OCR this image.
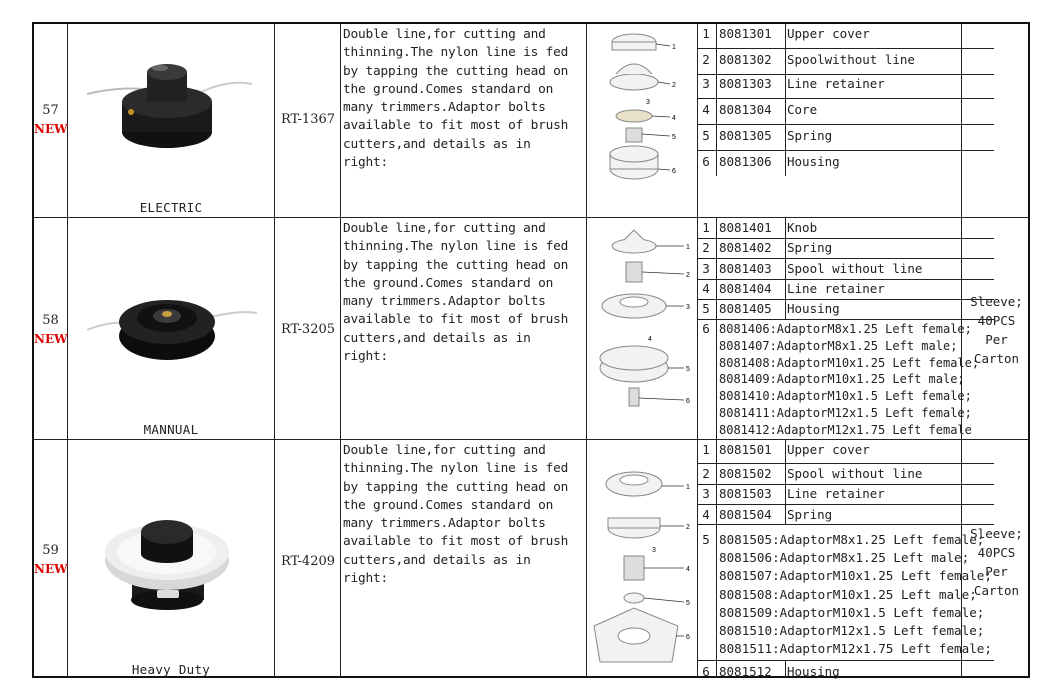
57
NEW
ELECTRIC
RT-1367
Double line,for cutting and
thinning.The nylon line is fed
by tapping the cutting head on
the ground.Comes standard on
many trimmers.Adaptor bolts
available to fit most of brush
cutters,and details as in
right:
1
2
3
4
5
6
1 8081301 Upper cover
2 8081302 Spoolwithout line
3 8081303 Line retainer
4 8081304 Core
5 8081305 Spring
6 8081306 Housing
58
NEW
MANNUAL
RT-3205
Double line,for cutting and
thinning.The nylon line is fed
by tapping the cutting head on
the ground.Comes standard on
many trimmers.Adaptor bolts
available to fit most of brush
cutters,and details as in
right:
1
2
3
4
5
6
1 8081401 Knob
2 8081402 Spring
3 8081403 Spool without line
4 8081404 Line retainer
5 8081405 Housing
6 8081406:AdaptorM8x1.25 Left female;
8081407:AdaptorM8x1.25 Left male;
8081408:AdaptorM10x1.25 Left female;
8081409:AdaptorM10x1.25 Left male;
8081410:AdaptorM10x1.5 Left female;
8081411:AdaptorM12x1.5 Left female;
8081412:AdaptorM12x1.75 Left female
Sleeve;
40PCS
Per
Carton
59
NEW
Heavy Duty
RT-4209
Double line,for cutting and
thinning.The nylon line is fed
by tapping the cutting head on
the ground.Comes standard on
many trimmers.Adaptor bolts
available to fit most of brush
cutters,and details as in
right:
1
2
3
4
5
6
1 8081501 Upper cover
2 8081502 Spool without line
3 8081503 Line retainer
4 8081504 Spring
5 8081505:AdaptorM8x1.25 Left female;
8081506:AdaptorM8x1.25 Left male;
8081507:AdaptorM10x1.25 Left female;
8081508:AdaptorM10x1.25 Left male;
8081509:AdaptorM10x1.5 Left female;
8081510:AdaptorM12x1.5 Left female;
8081511:AdaptorM12x1.75 Left female;
6 8081512 Housing
Sleeve;
40PCS
Per
Carton
